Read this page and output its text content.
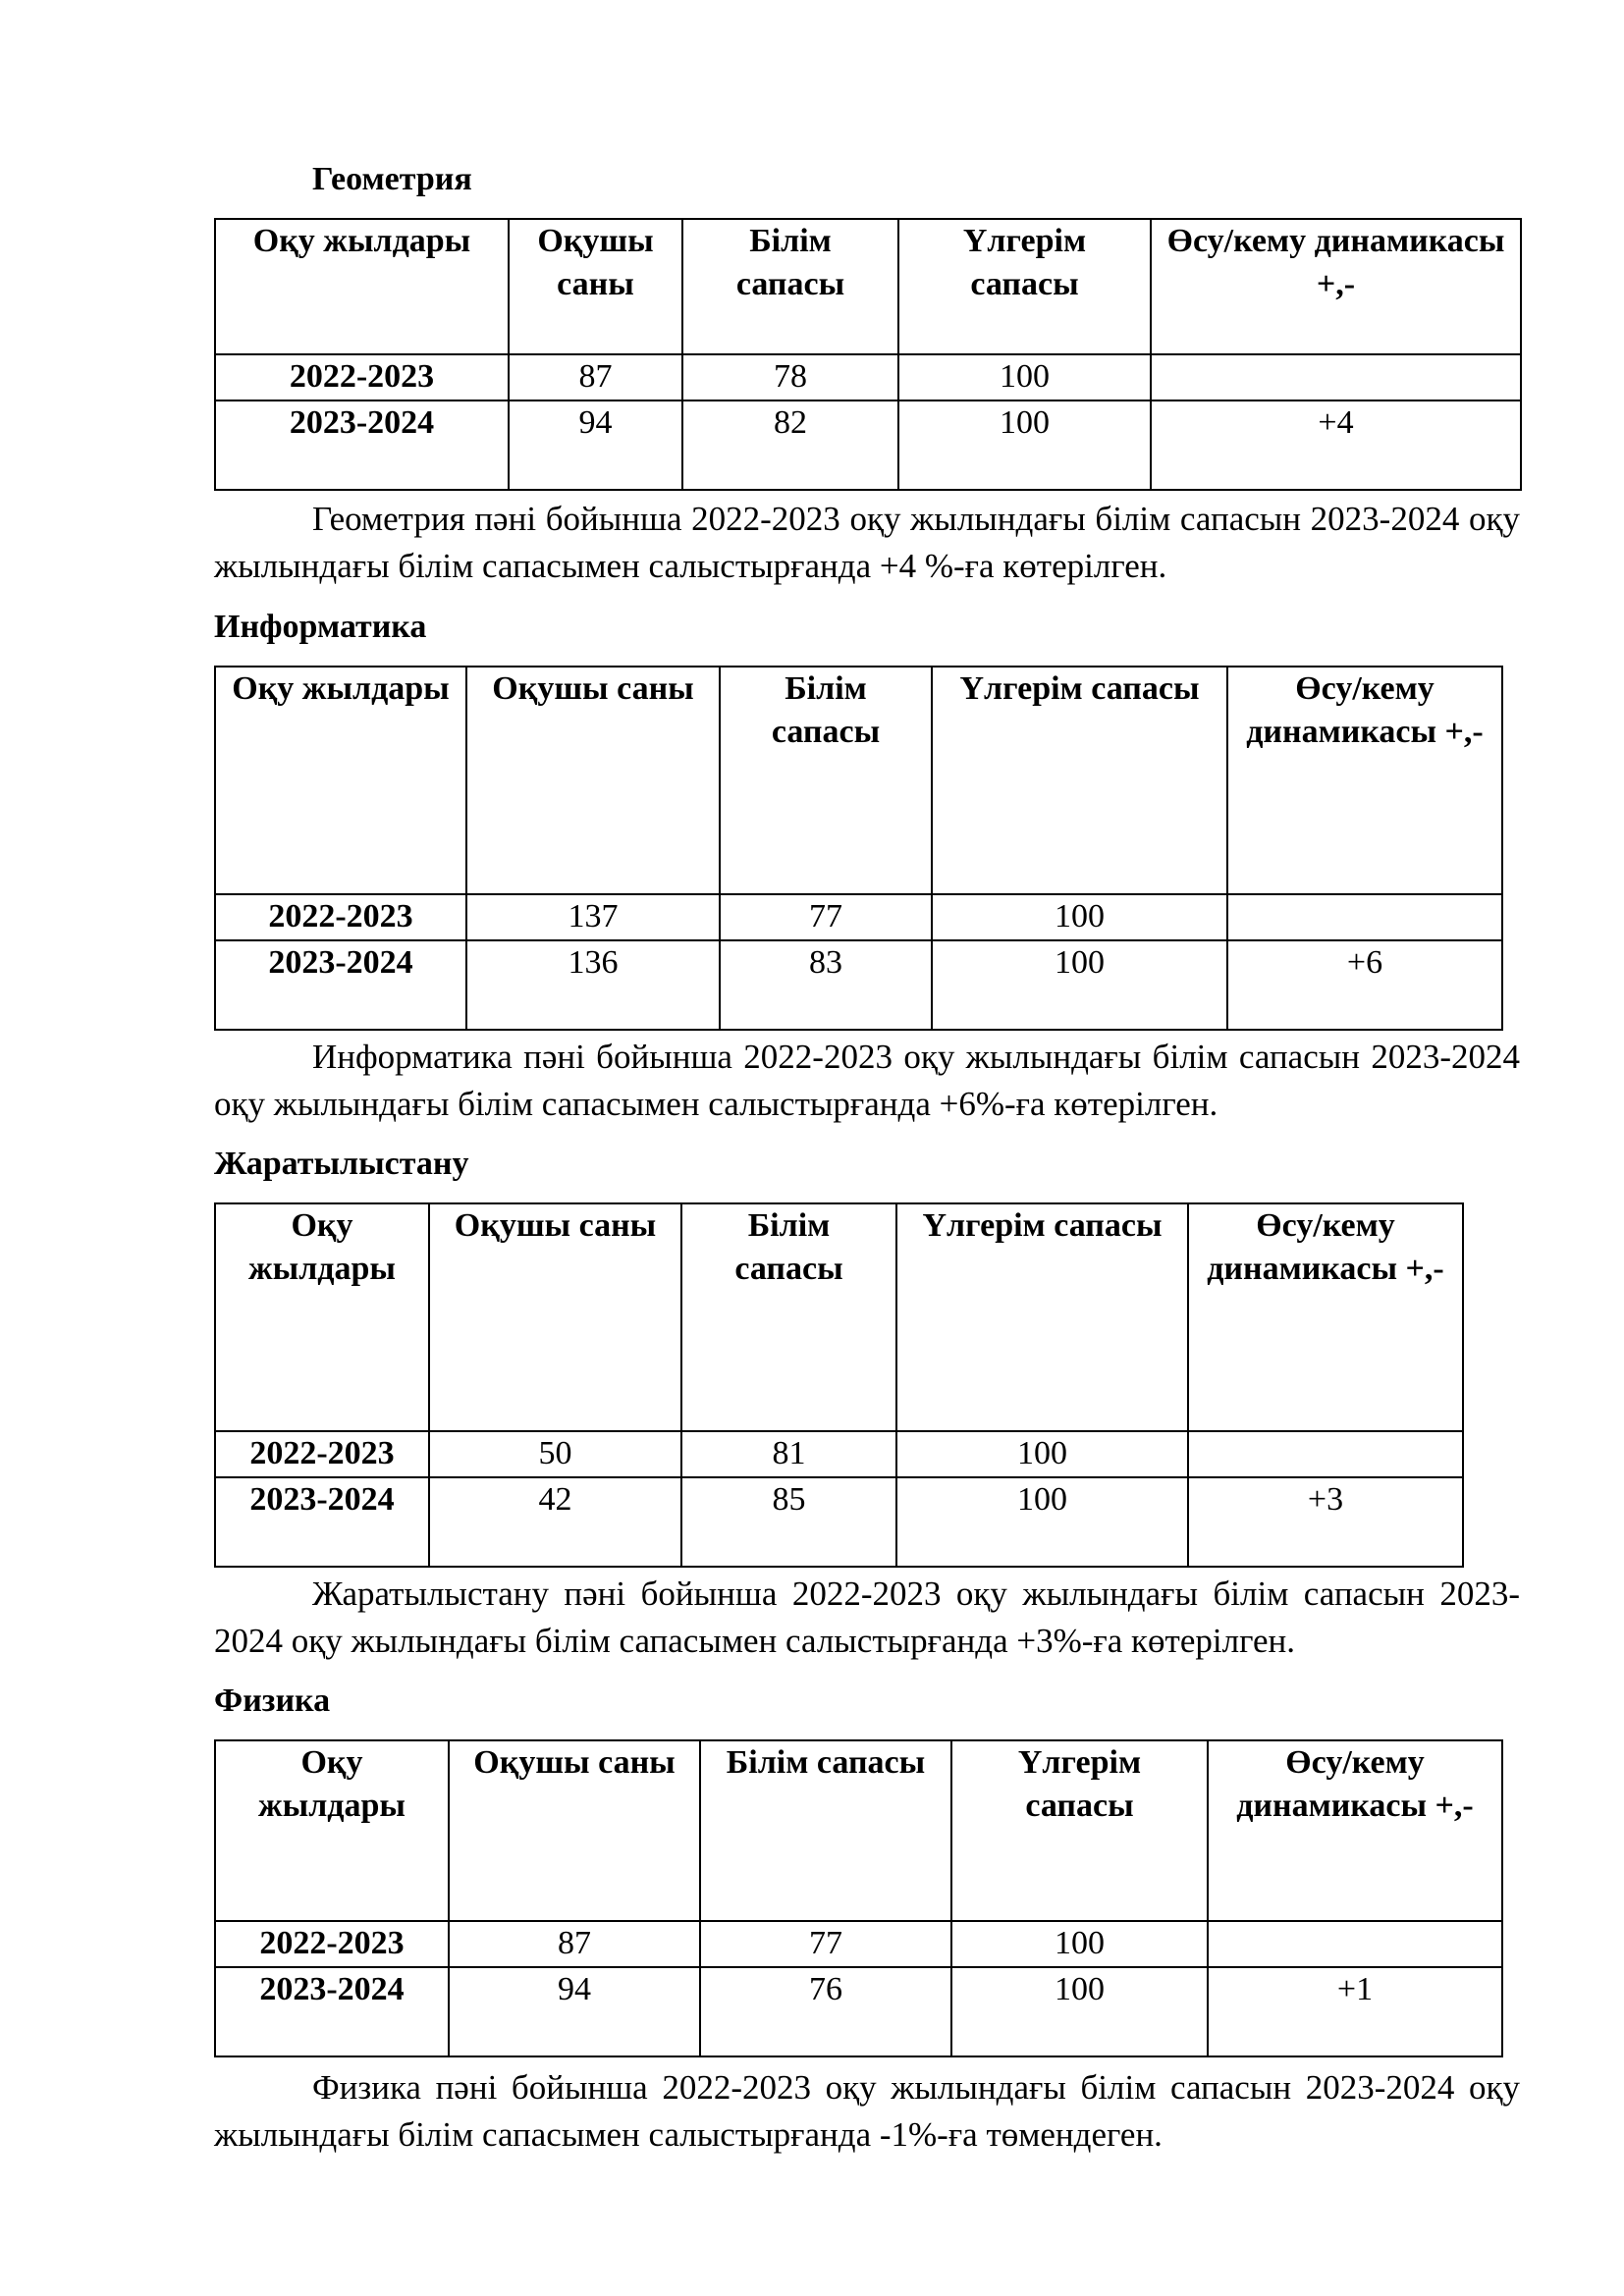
Геометрия
Оқу жылдары	Оқушы саны	Білім сапасы	Үлгерім сапасы	Өсу/кему динамикасы +,-
2022-2023	87	78	100	
2023-2024	94	82	100	+4

Геометрия пәні бойынша 2022-2023 оқу жылындағы білім сапасын 2023-2024 оқу жылындағы білім сапасымен салыстырғанда +4 %-ға көтерілген.

Информатика
Оқу жылдары	Оқушы саны	Білім сапасы	Үлгерім сапасы	Өсу/кему динамикасы +,-
2022-2023	137	77	100	
2023-2024	136	83	100	+6

Информатика пәні бойынша 2022-2023 оқу жылындағы білім сапасын 2023-2024 оқу жылындағы білім сапасымен салыстырғанда +6%-ға көтерілген.

Жаратылыстану
Оқу жылдары	Оқушы саны	Білім сапасы	Үлгерім сапасы	Өсу/кему динамикасы +,-
2022-2023	50	81	100	
2023-2024	42	85	100	+3

Жаратылыстану пәні бойынша 2022-2023 оқу жылындағы білім сапасын 2023-2024 оқу жылындағы білім сапасымен салыстырғанда +3%-ға көтерілген.

Физика
Оқу жылдары	Оқушы саны	Білім сапасы	Үлгерім сапасы	Өсу/кему динамикасы +,-
2022-2023	87	77	100	
2023-2024	94	76	100	+1

Физика пәні бойынша 2022-2023 оқу жылындағы білім сапасын 2023-2024 оқу жылындағы білім сапасымен салыстырғанда -1%-ға төмендеген.
